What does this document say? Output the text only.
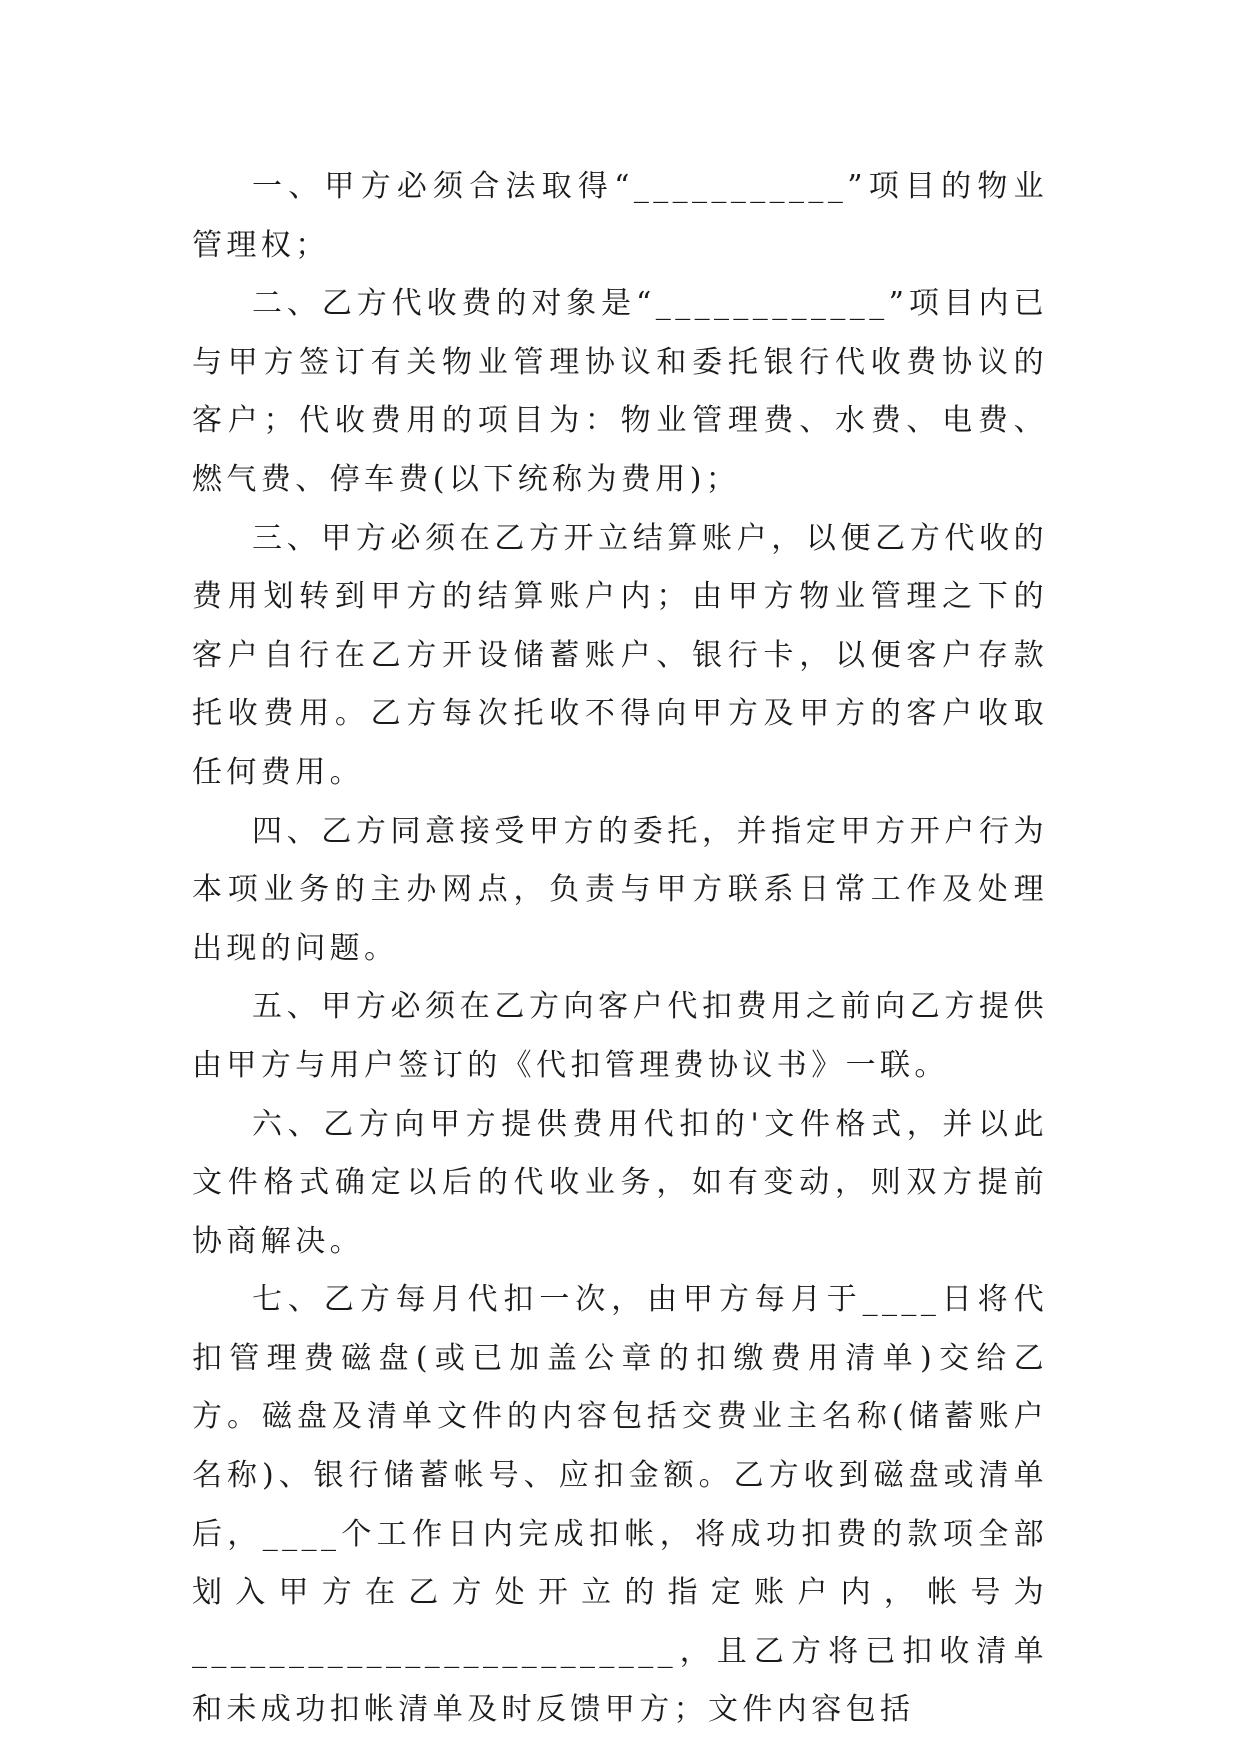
一、甲方必须合法取得“___________”项目的物业管理权；

二、乙方代收费的对象是“____________”项目内已与甲方签订有关物业管理协议和委托银行代收费协议的客户；代收费用的项目为：物业管理费、水费、电费、燃气费、停车费(以下统称为费用)；

三、甲方必须在乙方开立结算账户，以便乙方代收的费用划转到甲方的结算账户内；由甲方物业管理之下的客户自行在乙方开设储蓄账户、银行卡，以便客户存款托收费用。乙方每次托收不得向甲方及甲方的客户收取任何费用。

四、乙方同意接受甲方的委托，并指定甲方开户行为本项业务的主办网点，负责与甲方联系日常工作及处理出现的问题。

五、甲方必须在乙方向客户代扣费用之前向乙方提供由甲方与用户签订的《代扣管理费协议书》一联。

六、乙方向甲方提供费用代扣的'文件格式，并以此文件格式确定以后的代收业务，如有变动，则双方提前协商解决。

七、乙方每月代扣一次，由甲方每月于____日将代扣管理费磁盘(或已加盖公章的扣缴费用清单)交给乙方。磁盘及清单文件的内容包括交费业主名称(储蓄账户名称)、银行储蓄帐号、应扣金额。乙方收到磁盘或清单后，____个工作日内完成扣帐，将成功扣费的款项全部划入甲方在乙方处开立的指定账户内，帐号为_________________________，且乙方将已扣收清单和未成功扣帐清单及时反馈甲方；文件内容包括
